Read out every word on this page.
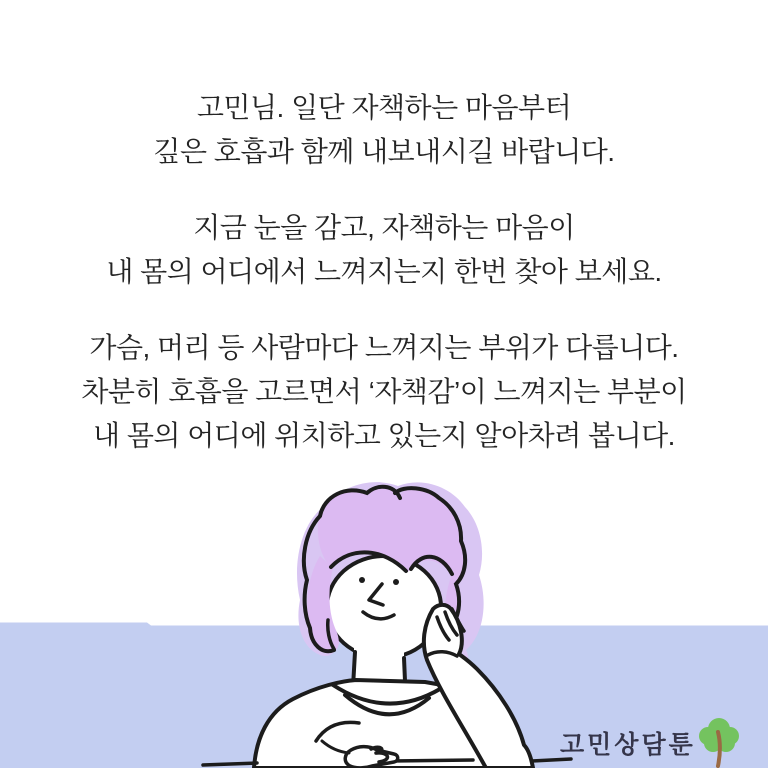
고민님. 일단 자책하는 마음부터
깊은 호흡과 함께 내보내시길 바랍니다.

지금 눈을 감고, 자책하는 마음이
내 몸의 어디에서 느껴지는지 한번 찾아 보세요.

가슴, 머리 등 사람마다 느껴지는 부위가 다릅니다.
차분히 호흡을 고르면서 ‘자책감’이 느껴지는 부분이
내 몸의 어디에 위치하고 있는지 알아차려 봅니다.

고민상담툰
